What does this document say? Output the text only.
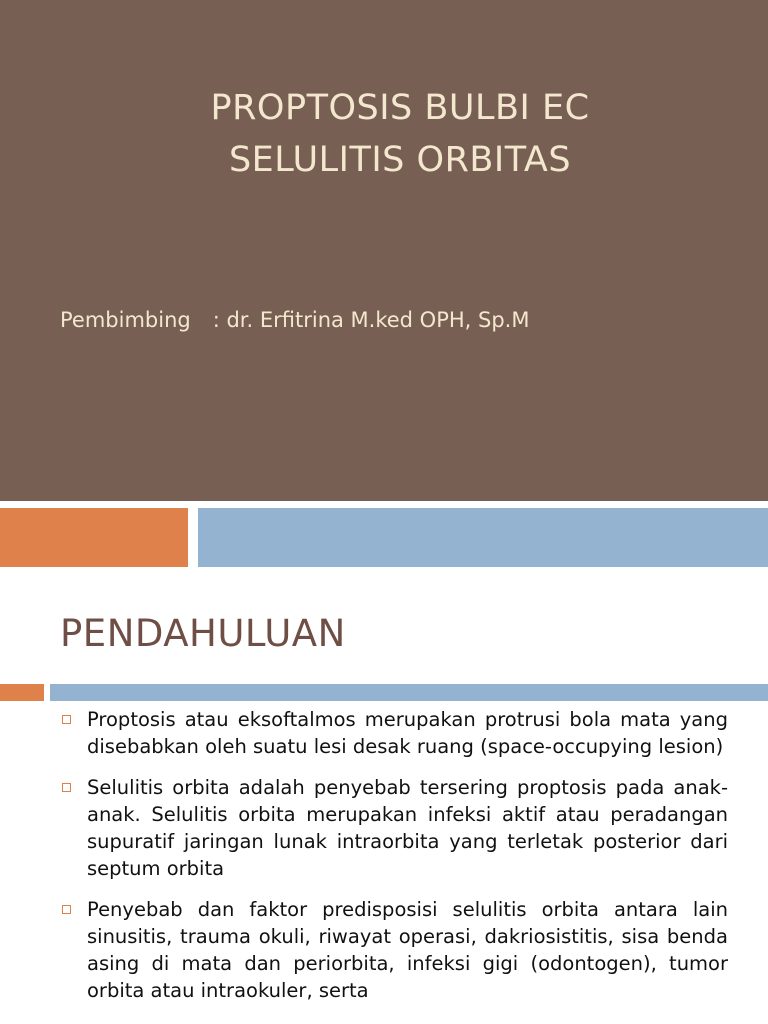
PROPTOSIS BULBI EC
SELULITIS ORBITAS
Pembimbing : dr. Erfitrina M.ked OPH, Sp.M
PENDAHULUAN
Proptosis atau eksoftalmos merupakan protrusi bola mata yang disebabkan oleh suatu lesi desak ruang (space-occupying lesion)
Selulitis orbita adalah penyebab tersering proptosis pada anak-anak. Selulitis orbita merupakan infeksi aktif atau peradangan supuratif jaringan lunak intraorbita yang terletak posterior dari septum orbita
Penyebab dan faktor predisposisi selulitis orbita antara lain sinusitis, trauma okuli, riwayat operasi, dakriosistitis, sisa benda asing di mata dan periorbita, infeksi gigi (odontogen), tumor orbita atau intraokuler, serta
